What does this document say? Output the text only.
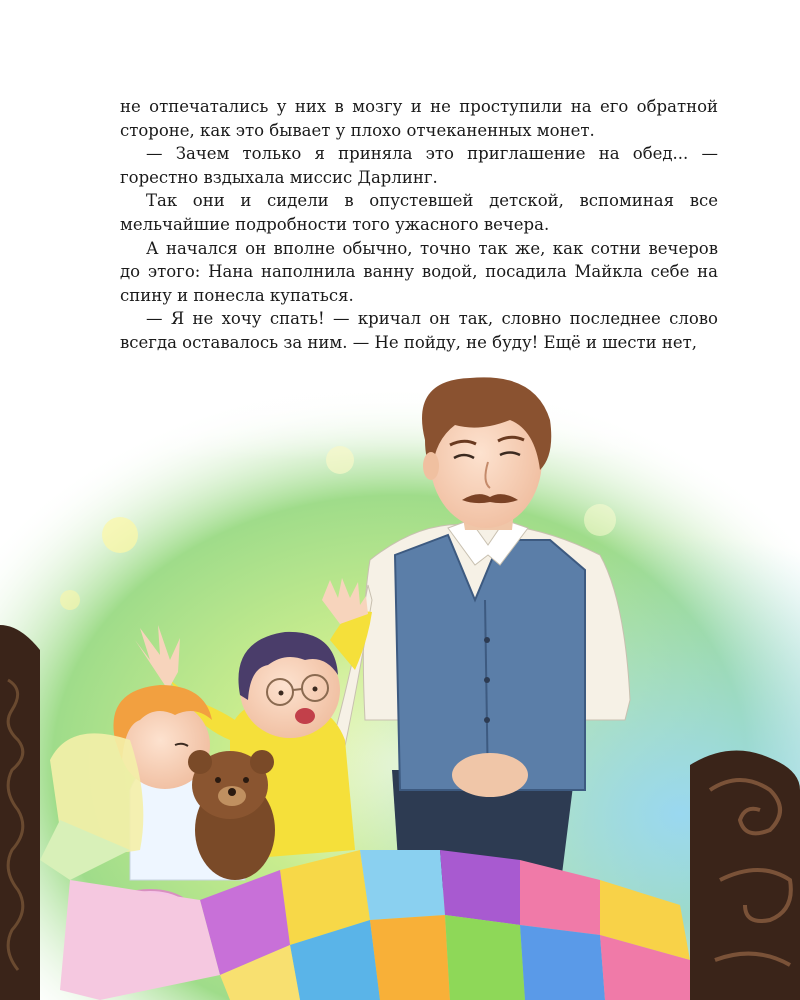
не отпечатались у них в мозгу и не проступили на его обратной стороне, как это бывает у плохо отчеканенных монет.

— Зачем только я приняла это приглашение на обед... — горестно вздыхала миссис Дарлинг.

Так они и сидели в опустевшей детской, вспоминая все мельчайшие подробности того ужасного вечера.

А начался он вполне обычно, точно так же, как сотни вечеров до этого: Нана наполнила ванну водой, посадила Майкла себе на спину и понесла купаться.

— Я не хочу спать! — кричал он так, словно последнее слово всегда оставалось за ним. — Не пойду, не буду! Ещё и шести нет,
